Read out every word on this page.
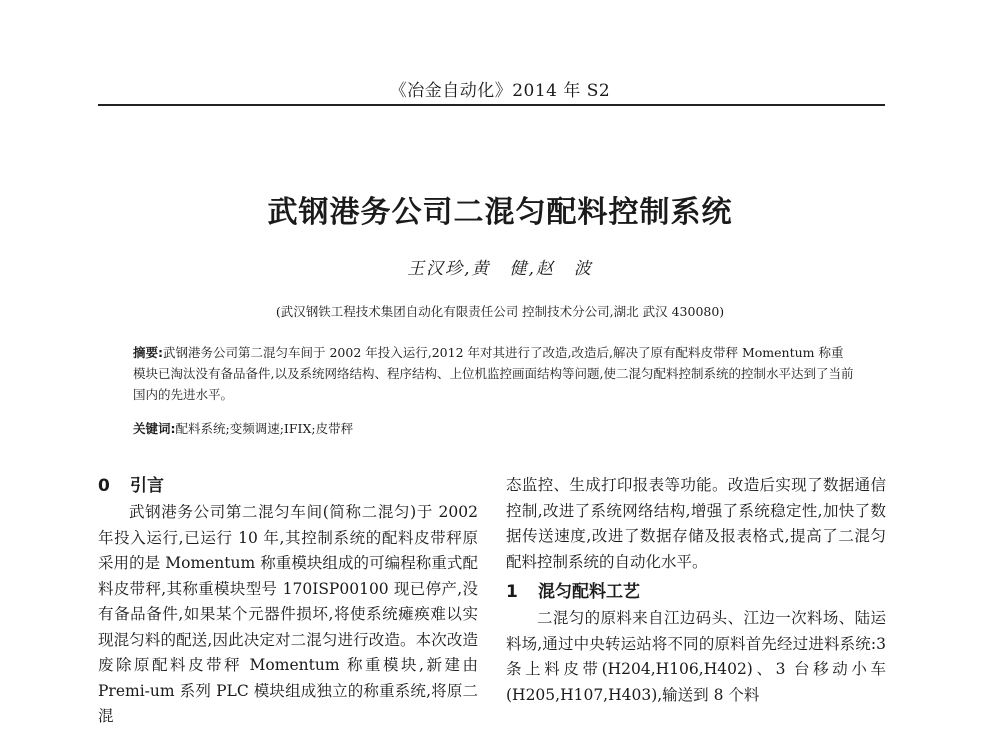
《冶金自动化》2014 年 S2
武钢港务公司二混匀配料控制系统
王汉珍,黄　健,赵　波
(武汉钢铁工程技术集团自动化有限责任公司 控制技术分公司,湖北 武汉 430080)
摘要:武钢港务公司第二混匀车间于 2002 年投入运行,2012 年对其进行了改造,改造后,解决了原有配料皮带秤 Momentum 称重模块已淘汰没有备品备件,以及系统网络结构、程序结构、上位机监控画面结构等问题,使二混匀配料控制系统的控制水平达到了当前国内的先进水平。
关键词:配料系统;变频调速;IFIX;皮带秤
0 引言

武钢港务公司第二混匀车间(简称二混匀)于 2002 年投入运行,已运行 10 年,其控制系统的配料皮带秤原采用的是 Momentum 称重模块组成的可编程称重式配料皮带秤,其称重模块型号 170ISP00100 现已停产,没有备品备件,如果某个元器件损坏,将使系统瘫痪难以实现混匀料的配送,因此决定对二混匀进行改造。本次改造废除原配料皮带秤 Momentum 称重模块,新建由 Premi-um 系列 PLC 模块组成独立的称重系统,将原二混

态监控、生成打印报表等功能。改造后实现了数据通信控制,改进了系统网络结构,增强了系统稳定性,加快了数据传送速度,改进了数据存储及报表格式,提高了二混匀配料控制系统的自动化水平。

1 混匀配料工艺

二混匀的原料来自江边码头、江边一次料场、陆运料场,通过中央转运站将不同的原料首先经过进料系统:3 条上料皮带(H204,H106,H402)、3 台移动小车(H205,H107,H403),输送到 8 个料
